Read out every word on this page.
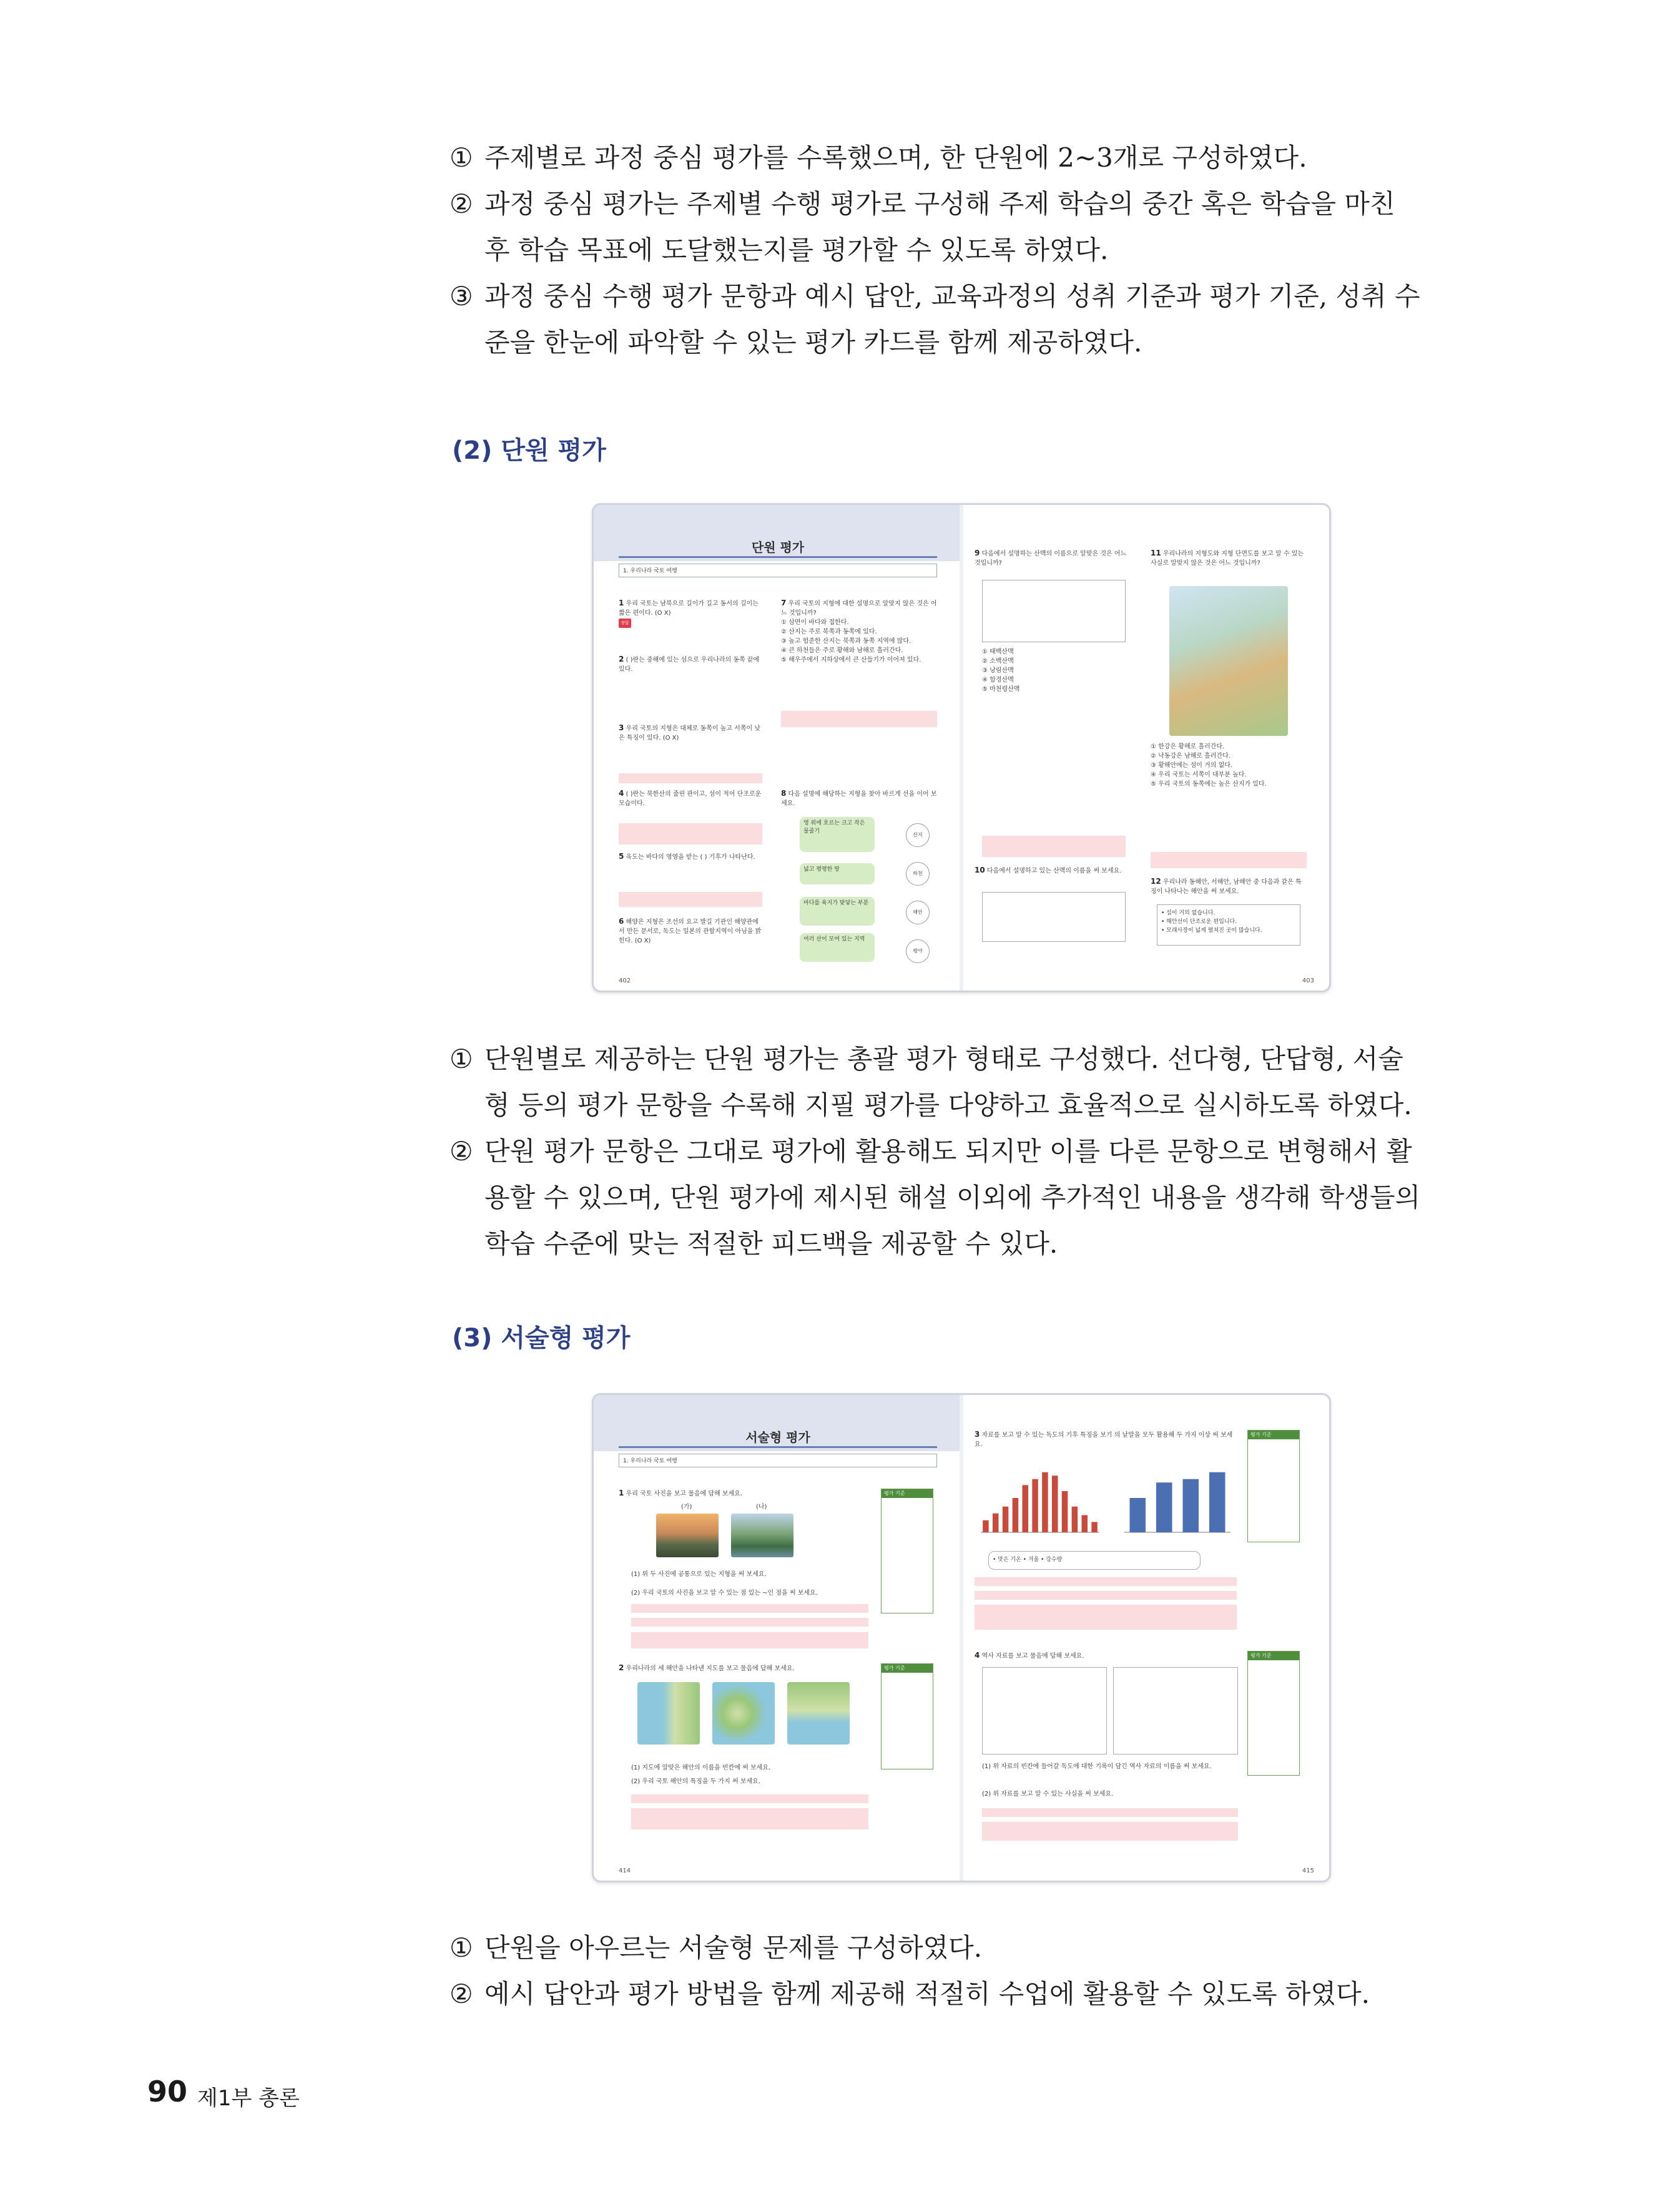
① 주제별로 과정 중심 평가를 수록했으며, 한 단원에 2~3개로 구성하였다.
② 과정 중심 평가는 주제별 수행 평가로 구성해 주제 학습의 중간 혹은 학습을 마친
후 학습 목표에 도달했는지를 평가할 수 있도록 하였다.
③ 과정 중심 수행 평가 문항과 예시 답안, 교육과정의 성취 기준과 평가 기준, 성취 수
준을 한눈에 파악할 수 있는 평가 카드를 함께 제공하였다.
(2) 단원 평가
단원 평가
1. 우리나라 국토 여행
1 우리 국토는 남북으로 길이가 길고 동서의 길이는 짧은 편이다. (O X)
정답
2 ( )란는 중해에 있는 섬으로 우리나라의 동쪽 끝에 있다.
3 우리 국토의 지형은 대체로 동쪽이 높고 서쪽이 낮은 특징이 있다. (O X)
4 ( )란는 북한산의 줄린 판이고, 섬이 적어 단조로운 모습이다.
5 육도는 바다의 영영을 받는 ( ) 기후가 나타난다.
6 해양은 지형은 조선의 요고 발길 기관인 해양관에서 만든 문서로, 독도는 일본의 관할지역이 아님을 밝힌다. (O X)
7 우리 국토의 지형에 대한 설명으로 알맞지 않은 것은 어느 것입니까?
① 삼면이 바다와 접한다.
② 산지는 주로 북쪽과 동쪽에 있다.
③ 높고 험준한 산지는 북쪽과 동쪽 지역에 많다.
④ 큰 하천들은 주로 황해와 남해로 흘러간다.
⑤ 해우주에서 지하상에서 큰 산들기가 이어져 있다.
8 다음 설명에 해당하는 지형을 찾아 바르게 선을 이어 보세요.
영 위에 흐르는 크고 작은 물줄기
넓고 평평한 땅
바다를 육지가 맞닿는 부분
여러 산이 모여 있는 지역
산지
하천
해안
평야
402
9 다음에서 설명하는 산맥의 이름으로 알맞은 것은 어느 것입니까?
① 태백산맥
② 소백산맥
③ 낭림산맥
④ 함경산맥
⑤ 마천령산맥
10 다음에서 설명하고 있는 산맥의 이름을 써 보세요.
11 우리나라의 지형도와 지형 단면도를 보고 알 수 있는 사실로 알맞지 않은 것은 어느 것입니까?
① 한강은 황해로 흘러간다.
② 낙동강은 남해로 흘러간다.
③ 황해안에는 섬이 거의 없다.
④ 우리 국토는 서쪽이 대부분 높다.
⑤ 우리 국토의 동쪽에는 높은 산지가 있다.
12 우리나라 동해안, 서해안, 남해안 중 다음과 같은 특징이 나타나는 해안을 써 보세요.
• 섬이 거의 없습니다.
• 해안선이 단조로운 편입니다.
• 모래사장이 넓게 펼쳐진 곳이 많습니다.
403
① 단원별로 제공하는 단원 평가는 총괄 평가 형태로 구성했다. 선다형, 단답형, 서술
형 등의 평가 문항을 수록해 지필 평가를 다양하고 효율적으로 실시하도록 하였다.
② 단원 평가 문항은 그대로 평가에 활용해도 되지만 이를 다른 문항으로 변형해서 활
용할 수 있으며, 단원 평가에 제시된 해설 이외에 추가적인 내용을 생각해 학생들의
학습 수준에 맞는 적절한 피드백을 제공할 수 있다.
(3) 서술형 평가
서술형 평가
1. 우리나라 국토 여행
1 우리 국토 사진을 보고 물음에 답해 보세요.
(가)	(나)
(1) 위 두 사진에 공통으로 있는 지형을 써 보세요.
(2) 우리 국토의 사진을 보고 알 수 있는 점 있는 ~인 점을 써 보세요.
평가 기준
2 우리나라의 세 해안을 나타낸 지도를 보고 물음에 답해 보세요.
(1) 지도에 알맞은 해안의 이름을 빈칸에 써 보세요.
(2) 우리 국토 해안의 특징을 두 가지 써 보세요.
평가 기준
414
3 자료를 보고 알 수 있는 독도의 기후 특징을 보기 의 낱말을 모두 활용해 두 가지 이상 써 보세요.
• 맛은 기온 • 겨울 • 강수량
평가 기준
4 역사 자료를 보고 물음에 답해 보세요.
(1) 위 자료의 빈칸에 들어갈 독도에 대한 기록이 담긴 역사 자료의 이름을 써 보세요.
(2) 위 자료를 보고 알 수 있는 사실을 써 보세요.
평가 기준
415
① 단원을 아우르는 서술형 문제를 구성하였다.
② 예시 답안과 평가 방법을 함께 제공해 적절히 수업에 활용할 수 있도록 하였다.
90 제1부 총론
